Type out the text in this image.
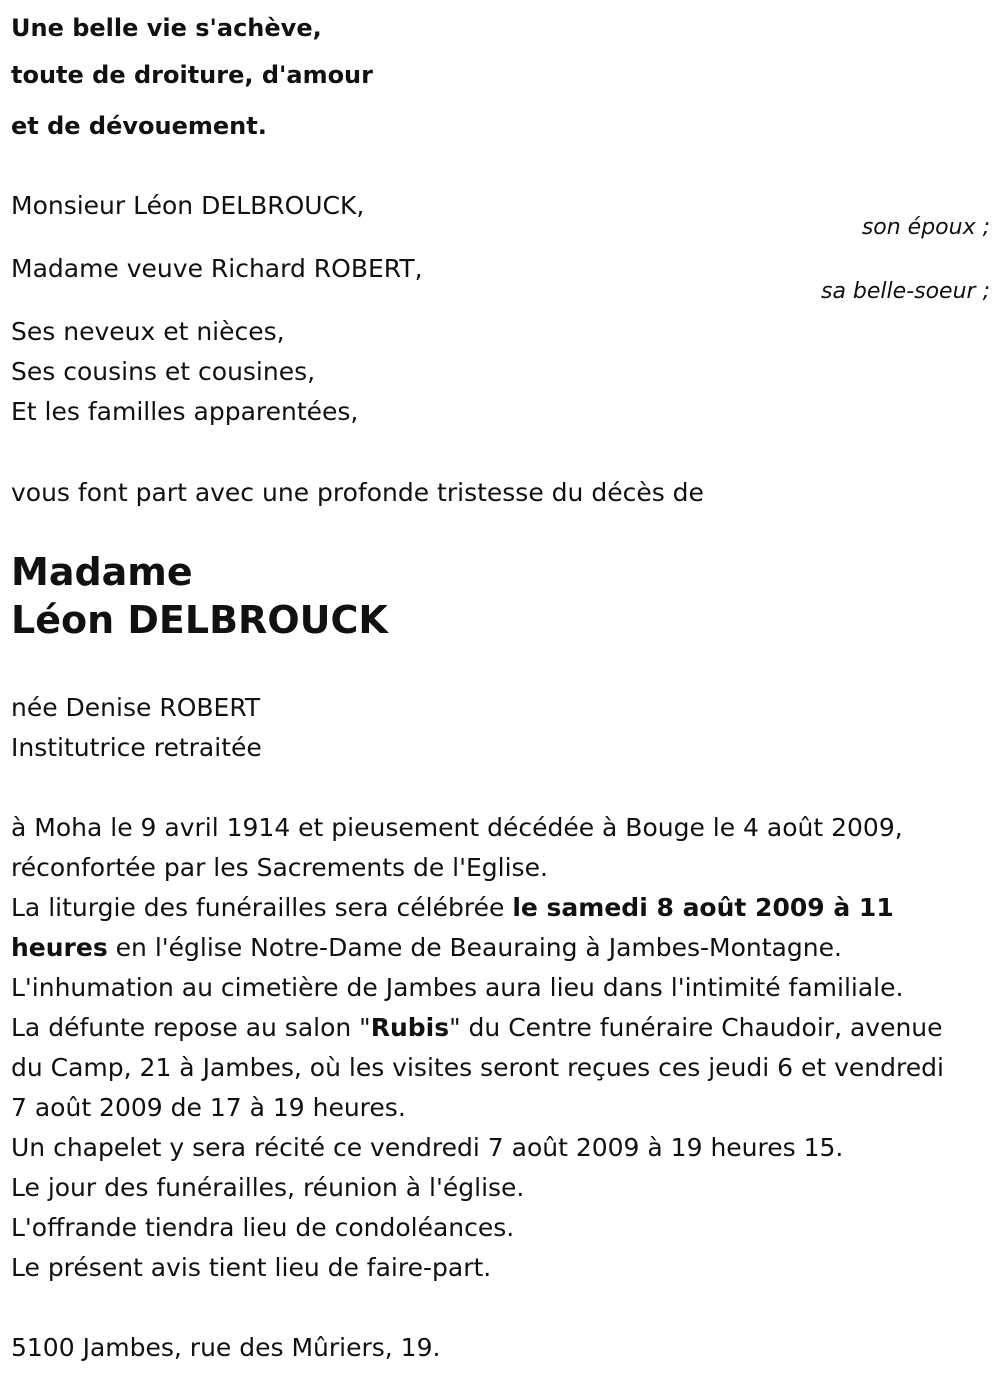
Une belle vie s'achève,
toute de droiture, d'amour
et de dévouement.
Monsieur Léon DELBROUCK,
son époux ;
Madame veuve Richard ROBERT,
sa belle-soeur ;
Ses neveux et nièces,
Ses cousins et cousines,
Et les familles apparentées,
vous font part avec une profonde tristesse du décès de
Madame
Léon DELBROUCK
née Denise ROBERT
Institutrice retraitée
à Moha le 9 avril 1914 et pieusement décédée à Bouge le 4 août 2009,
réconfortée par les Sacrements de l'Eglise.
La liturgie des funérailles sera célébrée le samedi 8 août 2009 à 11
heures en l'église Notre-Dame de Beauraing à Jambes-Montagne.
L'inhumation au cimetière de Jambes aura lieu dans l'intimité familiale.
La défunte repose au salon "Rubis" du Centre funéraire Chaudoir, avenue
du Camp, 21 à Jambes, où les visites seront reçues ces jeudi 6 et vendredi
7 août 2009 de 17 à 19 heures.
Un chapelet y sera récité ce vendredi 7 août 2009 à 19 heures 15.
Le jour des funérailles, réunion à l'église.
L'offrande tiendra lieu de condoléances.
Le présent avis tient lieu de faire-part.
5100 Jambes, rue des Mûriers, 19.
